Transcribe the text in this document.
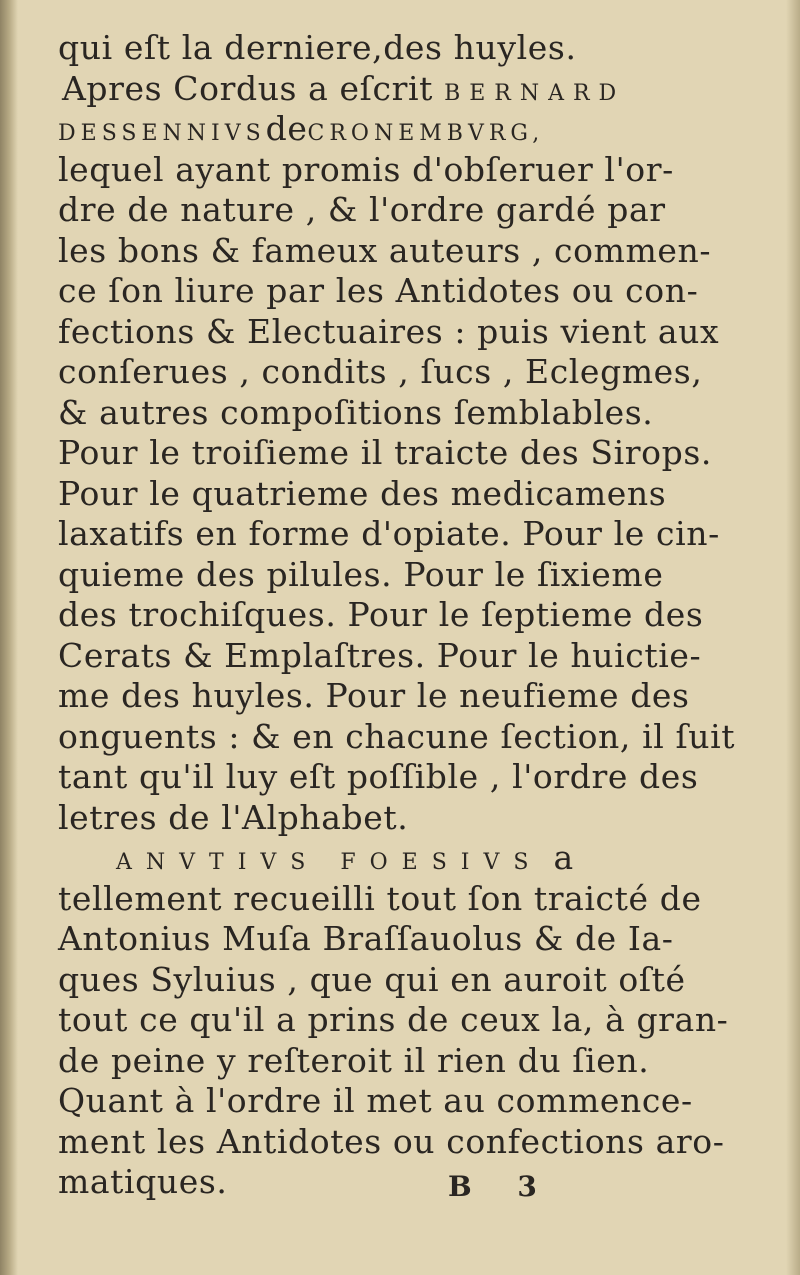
qui eſt la derniere,des huyles.
Apres Cordus a eſcrit BERNARD
DESSENNIVSdeCRONEMBVRG,
lequel ayant promis d'obſeruer l'or-
dre de nature , & l'ordre gardé par
les bons & fameux auteurs , commen-
ce ſon liure par les Antidotes ou con-
fections & Electuaires : puis vient aux
conſerues , condits , ſucs , Eclegmes,
& autres compoſitions ſemblables.
Pour le troiſieme il traicte des Sirops.
Pour le quatrieme des medicamens
laxatifs en forme d'opiate. Pour le cin-
quieme des pilules. Pour le ſixieme
des trochiſques. Pour le ſeptieme des
Cerats & Emplaſtres. Pour le huictie-
me des huyles. Pour le neufieme des
onguents : & en chacune ſection, il ſuit
tant qu'il luy eſt poſſible , l'ordre des
letres de l'Alphabet.
ANVTIVS FOESIVS a
tellement recueilli tout ſon traicté de
Antonius Muſa Braſſauolus & de Ia-
ques Syluius , que qui en auroit oſté
tout ce qu'il a prins de ceux la, à gran-
de peine y reſteroit il rien du ſien.
Quant à l'ordre il met au commence-
ment les Antidotes ou confections aro-
matiques.	B 3
